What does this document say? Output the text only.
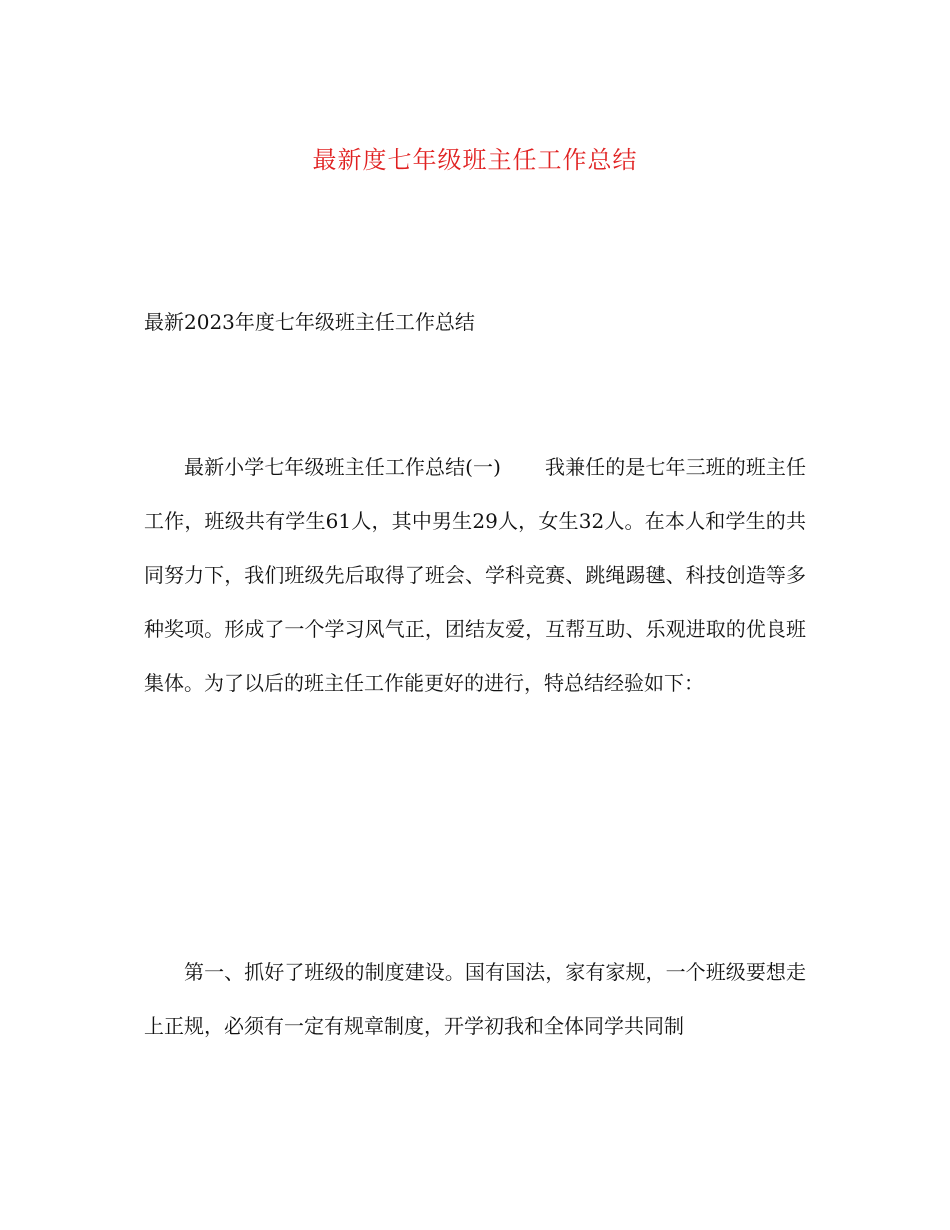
最新度七年级班主任工作总结
最新2023年度七年级班主任工作总结

最新小学七年级班主任工作总结(一) 我兼任的是七年三班的班主任工作，班级共有学生61人，其中男生29人，女生32人。在本人和学生的共同努力下，我们班级先后取得了班会、学科竞赛、跳绳踢毽、科技创造等多种奖项。形成了一个学习风气正，团结友爱，互帮互助、乐观进取的优良班集体。为了以后的班主任工作能更好的进行，特总结经验如下：

第一、抓好了班级的制度建设。国有国法，家有家规，一个班级要想走上正规，必须有一定有规章制度，开学初我和全体同学共同制
